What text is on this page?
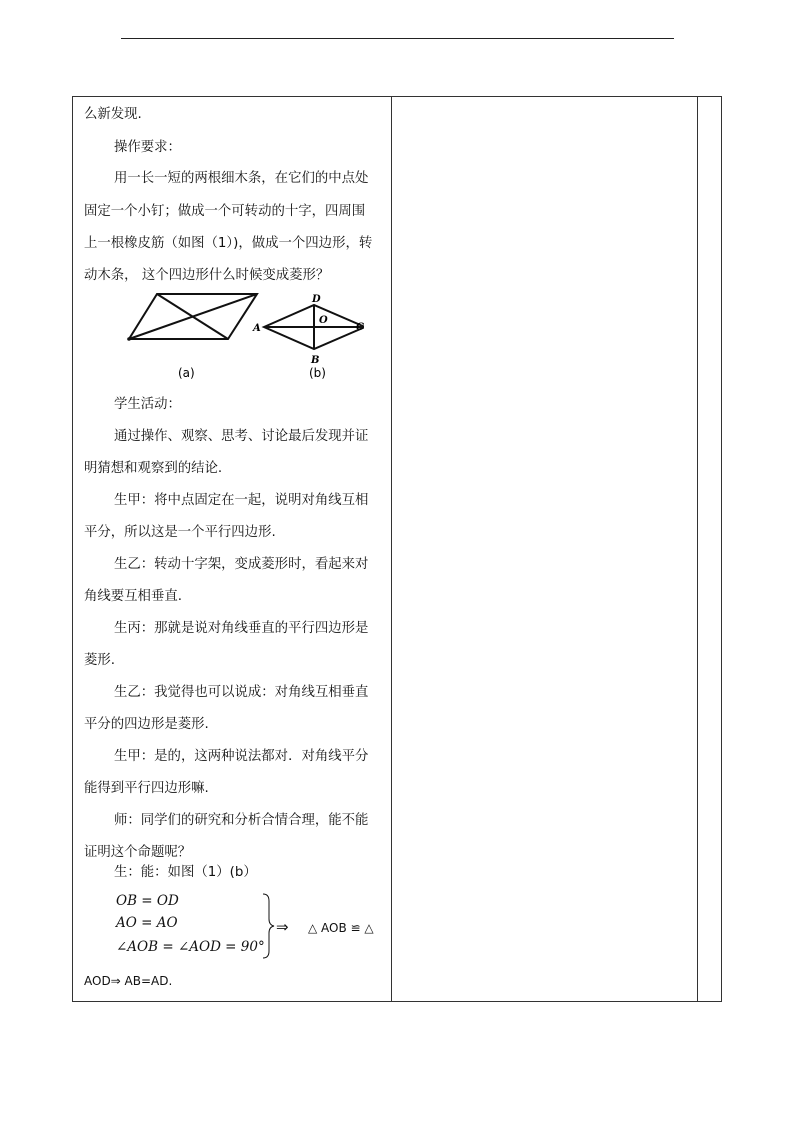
么新发现.
操作要求：
用一长一短的两根细木条，在它们的中点处
固定一个小钉；做成一个可转动的十字，四周围
上一根橡皮筋（如图（1）)，做成一个四边形，转
动木条， 这个四边形什么时候变成菱形？
(a)
D
A
O
C
B
(b)
学生活动：
通过操作、观察、思考、讨论最后发现并证
明猜想和观察到的结论.
生甲：将中点固定在一起，说明对角线互相
平分，所以这是一个平行四边形.
生乙：转动十字架，变成菱形时，看起来对
角线要互相垂直.
生丙：那就是说对角线垂直的平行四边形是
菱形.
生乙：我觉得也可以说成：对角线互相垂直
平分的四边形是菱形.
生甲：是的，这两种说法都对．对角线平分
能得到平行四边形嘛.
师：同学们的研究和分析合情合理，能不能
证明这个命题呢？
生：能：如图（1）(b）
OB = OD
AO = AO
∠AOB = ∠AOD = 90°
⇒ △ AOB ≌ △
AOD⇒ AB=AD.
